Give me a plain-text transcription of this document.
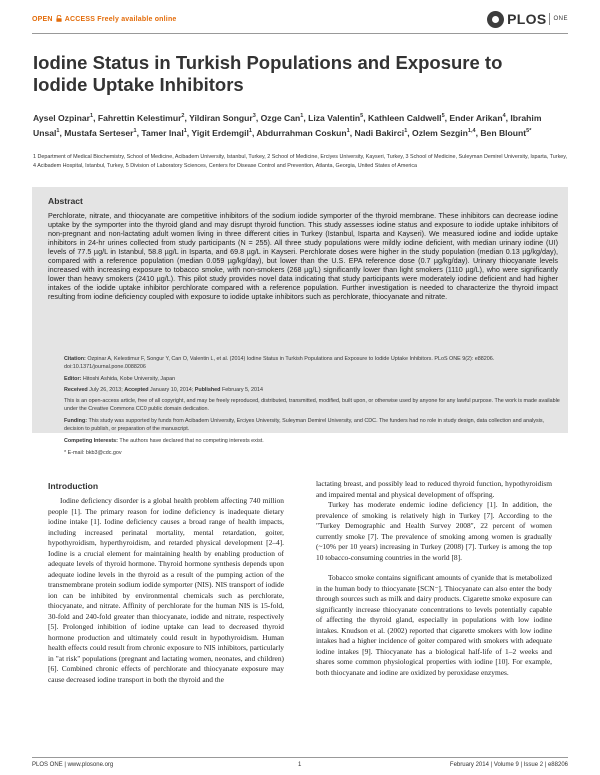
OPEN ACCESS Freely available online	PLOS ONE
Iodine Status in Turkish Populations and Exposure to Iodide Uptake Inhibitors
Aysel Ozpinar$^1$, Fahrettin Kelestimur$^2$, Yildiran Songur$^3$, Ozge Can$^1$, Liza Valentin$^5$, Kathleen Caldwell$^5$, Ender Arikan$^4$, Ibrahim Unsal$^1$, Mustafa Serteser$^1$, Tamer Inal$^1$, Yigit Erdemgil$^1$, Abdurrahman Coskun$^1$, Nadi Bakirci$^1$, Ozlem Sezgin$^{1,4}$, Ben Blount$^{5*}$
1 Department of Medical Biochemistry, School of Medicine, Acibadem University, Istanbul, Turkey, 2 School of Medicine, Erciyes University, Kayseri, Turkey, 3 School of Medicine, Suleyman Demirel University, Isparta, Turkey, 4 Acibadem Hospital, Istanbul, Turkey, 5 Division of Laboratory Sciences, Centers for Disease Control and Prevention, Atlanta, Georgia, United States of America
Abstract
Perchlorate, nitrate, and thiocyanate are competitive inhibitors of the sodium iodide symporter of the thyroid membrane. These inhibitors can decrease iodine uptake by the symporter into the thyroid gland and may disrupt thyroid function. This study assesses iodine status and exposure to iodide uptake inhibitors of non-pregnant and non-lactating adult women living in three different cities in Turkey (Istanbul, Isparta and Kayseri). We measured iodine and iodide uptake inhibitors in 24-hr urines collected from study participants (N = 255). All three study populations were mildly iodine deficient, with median urinary iodine (UI) levels of 77.5 µg/L in Istanbul, 58.8 µg/L in Isparta, and 69.8 µg/L in Kayseri. Perchlorate doses were higher in the study population (median 0.13 µg/kg/day), compared with a reference population (median 0.059 µg/kg/day), but lower than the U.S. EPA reference dose (0.7 µg/kg/day). Urinary thiocyanate levels increased with increasing exposure to tobacco smoke, with non-smokers (268 µg/L) significantly lower than light smokers (1110 µg/L), who were significantly lower than heavy smokers (2410 µg/L). This pilot study provides novel data indicating that study participants were moderately iodine deficient and had higher intakes of the iodide uptake inhibitor perchlorate compared with a reference population. Further investigation is needed to characterize the thyroid impact resulting from iodine deficiency coupled with exposure to iodide uptake inhibitors such as perchlorate, thiocyanate and nitrate.
Citation: Ozpinar A, Kelestimur F, Songur Y, Can O, Valentin L, et al. (2014) Iodine Status in Turkish Populations and Exposure to Iodide Uptake Inhibitors. PLoS ONE 9(2): e88206. doi:10.1371/journal.pone.0088206
Editor: Hitoshi Ashida, Kobe University, Japan
Received July 26, 2013; Accepted January 10, 2014; Published February 5, 2014
This is an open-access article, free of all copyright, and may be freely reproduced, distributed, transmitted, modified, built upon, or otherwise used by anyone for any lawful purpose. The work is made available under the Creative Commons CC0 public domain dedication.
Funding: This study was supported by funds from Acibadem University, Erciyes University, Suleyman Demirel University, and CDC. The funders had no role in study design, data collection and analysis, decision to publish, or preparation of the manuscript.
Competing Interests: The authors have declared that no competing interests exist.
* E-mail: bkb3@cdc.gov
Introduction

Iodine deficiency disorder is a global health problem affecting 740 million people [1]. The primary reason for iodine deficiency is inadequate dietary iodine intake [1]. Iodine deficiency causes a broad range of health impacts, including increased perinatal mortality, mental retardation, goiter, hypothyroidism, hyperthyroidism, and retarded physical development [2–4]. Iodine is a crucial element for maintaining health by enabling production of adequate levels of thyroid hormone. Thyroid hormone synthesis depends upon adequate iodine levels in the thyroid as a result of the pumping action of the transmembrane protein sodium iodide symporter (NIS). NIS transport of iodide ion can be inhibited by environmental chemicals such as perchlorate, thiocyanate, and nitrate. Affinity of perchlorate for the human NIS is 15-fold, 30-fold and 240-fold greater than thiocyanate, iodide and nitrate, respectively [5]. Prolonged inhibition of iodine uptake can lead to decreased thyroid hormone production and ultimately could result in hypothyroidism. Human health effects could result from chronic exposure to NIS inhibitors, particularly in "at risk" populations (pregnant and lactating women, neonates, and children) [6]. Combined chronic effects of perchlorate and thiocyanate exposure may cause decreased iodine transport in both the thyroid and the

lactating breast, and possibly lead to reduced thyroid function, hypothyroidism and impaired mental and physical development of offspring.

Turkey has moderate endemic iodine deficiency [1]. In addition, the prevalence of smoking is relatively high in Turkey [7]. According to the "Turkey Demographic and Health Survey 2008", 22 percent of women currently smoke [7]. The prevalence of smoking among women is gradually (~10% per 10 years) increasing in Turkey (2008) [7]. Turkey is among the top 10 tobacco-consuming countries in the world [8].

Tobacco smoke contains significant amounts of cyanide that is metabolized in the human body to thiocyanate [SCN⁻]. Thiocyanate can also enter the body through sources such as milk and dairy products. Cigarette smoke exposure can significantly increase thiocyanate concentrations to levels potentially capable of affecting the thyroid gland, especially in populations with low iodine intakes. Knudson et al. (2002) reported that cigarette smokers with low iodine intakes had a higher incidence of goiter compared with smokers with adequate iodine intakes [9]. Thiocyanate has a biological half-life of 1–2 weeks and shares some common physiological properties with iodine [10]. For example, both thiocyanate and iodine are oxidized by peroxidase enzymes.

PLOS ONE | www.plosone.org	1	February 2014 | Volume 9 | Issue 2 | e88206
